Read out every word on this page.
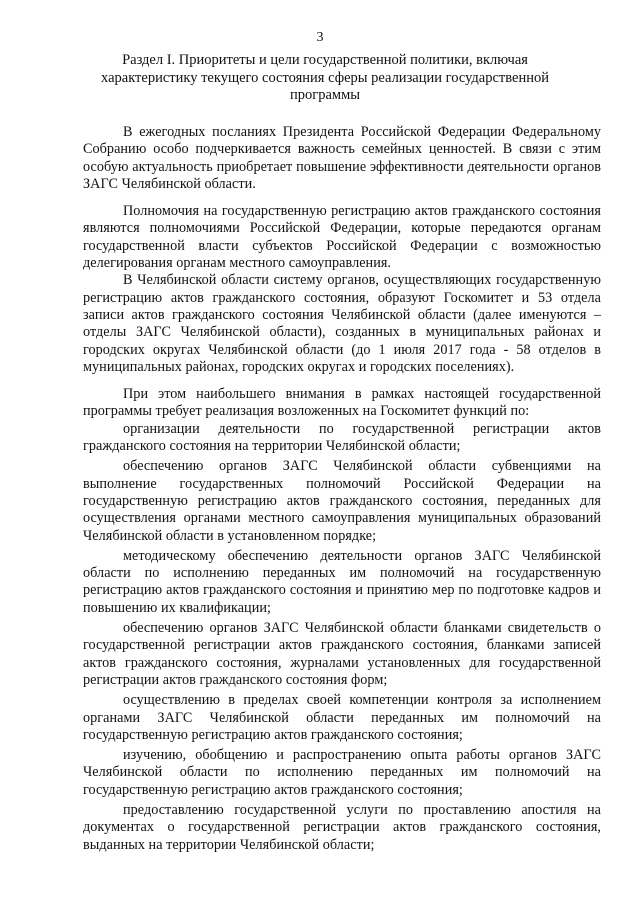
3
Раздел I. Приоритеты и цели государственной политики, включая характеристику текущего состояния сферы реализации государственной программы

В ежегодных посланиях Президента Российской Федерации Федеральному Собранию особо подчеркивается важность семейных ценностей. В связи с этим особую актуальность приобретает повышение эффективности деятельности органов ЗАГС Челябинской области.

Полномочия на государственную регистрацию актов гражданского состояния являются полномочиями Российской Федерации, которые передаются органам государственной власти субъектов Российской Федерации с возможностью делегирования органам местного самоуправления.

В Челябинской области систему органов, осуществляющих государственную регистрацию актов гражданского состояния, образуют Госкомитет и 53 отдела записи актов гражданского состояния Челябинской области (далее именуются – отделы ЗАГС Челябинской области), созданных в муниципальных районах и городских округах Челябинской области (до 1 июля 2017 года - 58 отделов в муниципальных районах, городских округах и городских поселениях).

При этом наибольшего внимания в рамках настоящей государственной программы требует реализация возложенных на Госкомитет функций по:

организации деятельности по государственной регистрации актов гражданского состояния на территории Челябинской области;

обеспечению органов ЗАГС Челябинской области субвенциями на выполнение государственных полномочий Российской Федерации на государственную регистрацию актов гражданского состояния, переданных для осуществления органами местного самоуправления муниципальных образований Челябинской области в установленном порядке;

методическому обеспечению деятельности органов ЗАГС Челябинской области по исполнению переданных им полномочий на государственную регистрацию актов гражданского состояния и принятию мер по подготовке кадров и повышению их квалификации;

обеспечению органов ЗАГС Челябинской области бланками свидетельств о государственной регистрации актов гражданского состояния, бланками записей актов гражданского состояния, журналами установленных для государственной регистрации актов гражданского состояния форм;

осуществлению в пределах своей компетенции контроля за исполнением органами ЗАГС Челябинской области переданных им полномочий на государственную регистрацию актов гражданского состояния;

изучению, обобщению и распространению опыта работы органов ЗАГС Челябинской области по исполнению переданных им полномочий на государственную регистрацию актов гражданского состояния;

предоставлению государственной услуги по проставлению апостиля на документах о государственной регистрации актов гражданского состояния, выданных на территории Челябинской области;
